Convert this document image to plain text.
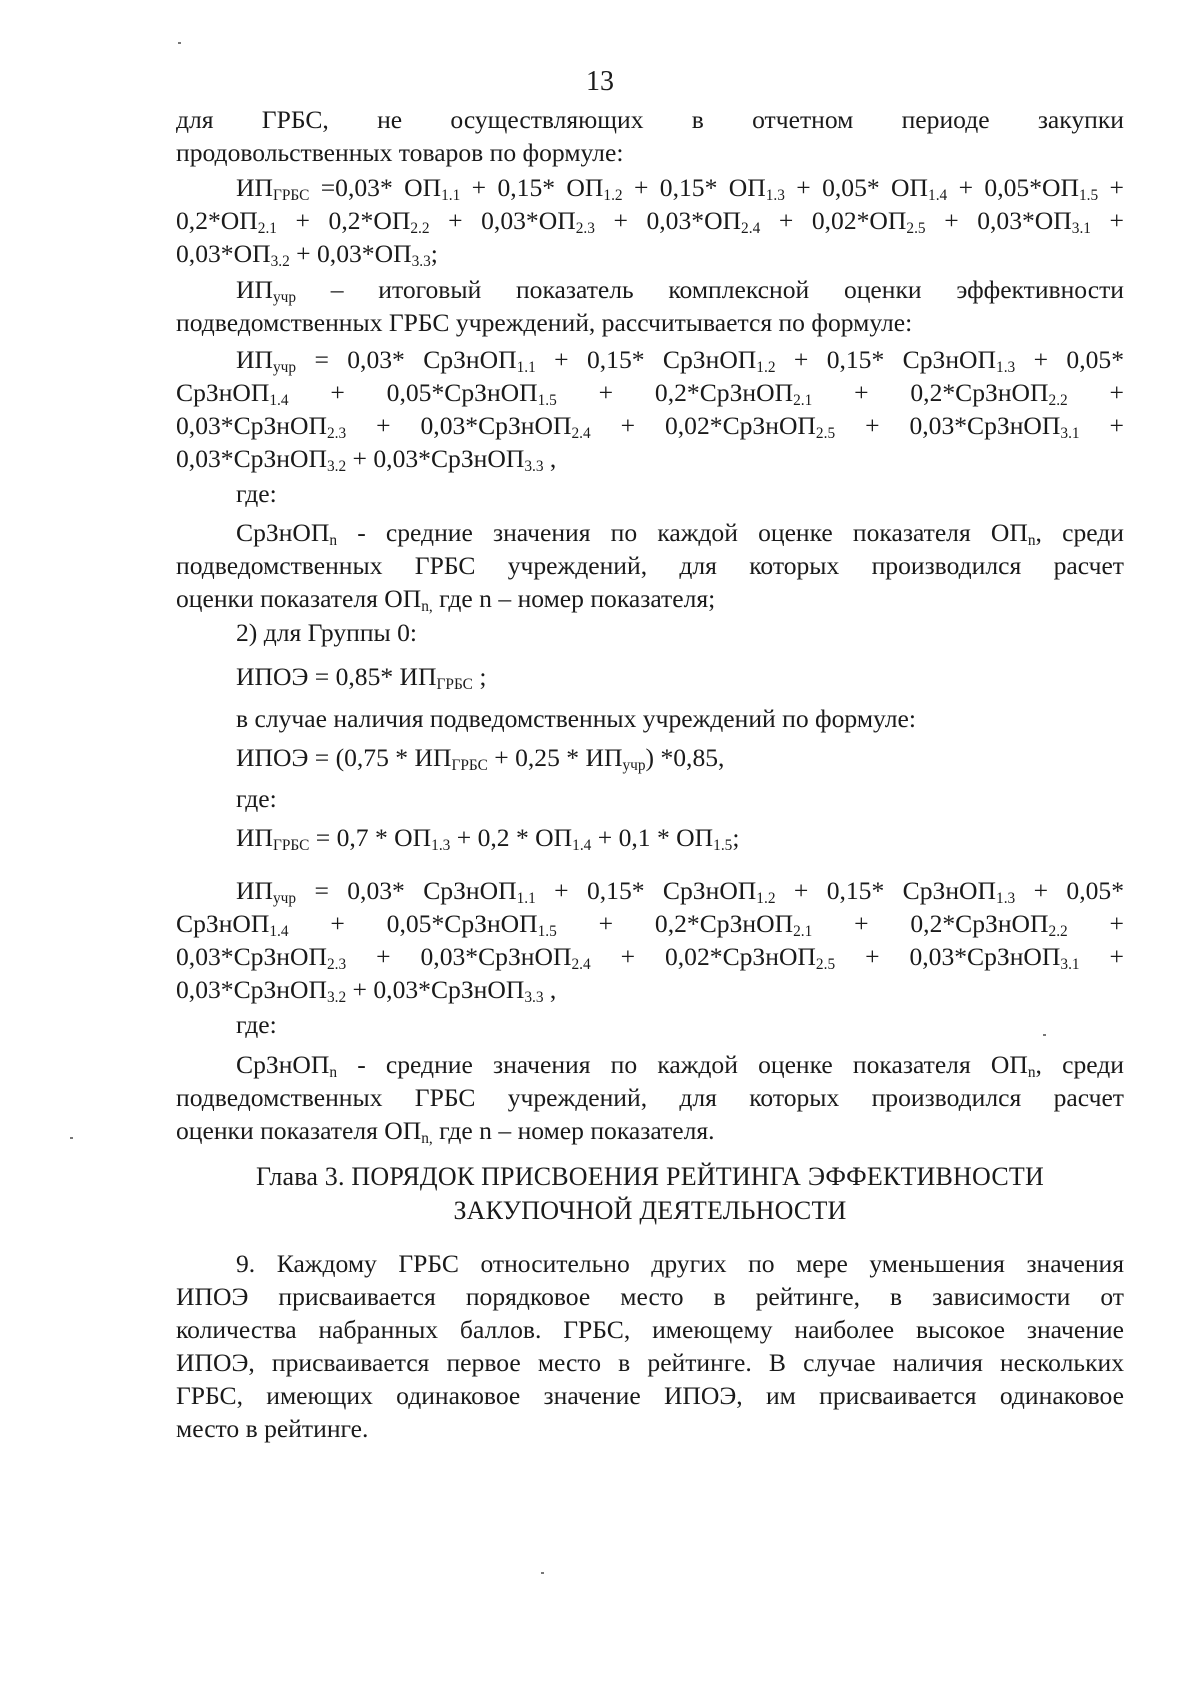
13
для ГРБС, не осуществляющих в отчетном периоде закупки
продовольственных товаров по формуле:
$ИП_{ГРБС} =0,03*$ $ОП_{1.1} + 0,15*$ $ОП_{1.2} + 0,15*$ $ОП_{1.3} + 0,05*$ $ОП_{1.4} + 0,05*ОП_{1.5}$ +
$0,2*ОП_{2.1} + 0,2*ОП_{2.2} + 0,03*ОП_{2.3} + 0,03*ОП_{2.4} + 0,02*ОП_{2.5} + 0,03*ОП_{3.1}$ +
$0,03*ОП_{3.2} + 0,03*ОП_{3.3}$;
$ИП_{учр}$ – итоговый показатель комплексной оценки эффективности
подведомственных ГРБС учреждений, рассчитывается по формуле:
$ИП_{учр} = 0,03*$ СрЗнОП$_{1.1}$ + 0,15* СрЗнОП$_{1.2}$ + 0,15* СрЗнОП$_{1.3}$ + 0,05*
СрЗнОП$_{1.4}$ + 0,05*СрЗнОП$_{1.5}$ + 0,2*СрЗнОП$_{2.1}$ + 0,2*СрЗнОП$_{2.2}$ +
0,03*СрЗнОП$_{2.3}$ + 0,03*СрЗнОП$_{2.4}$ + 0,02*СрЗнОП$_{2.5}$ + 0,03*СрЗнОП$_{3.1}$ +
0,03*СрЗнОП$_{3.2}$ + 0,03*СрЗнОП$_{3.3}$ ,
где:
СрЗнОП$_n$ - средние значения по каждой оценке показателя $ОП_n$, среди
подведомственных ГРБС учреждений, для которых производился расчет
оценки показателя $ОП_{n,}$ где n – номер показателя;
2) для Группы 0:
ИПОЭ = 0,85* $ИП_{ГРБС}$ ;
в случае наличия подведомственных учреждений по формуле:
ИПОЭ = $(0,75 * ИП_{ГРБС} + 0,25 * ИП_{учр})$ *0,85,
где:
$ИП_{ГРБС} = 0,7 * ОП_{1.3} + 0,2 * ОП_{1.4} + 0,1 * ОП_{1.5}$;
$ИП_{учр} = 0,03*$ СрЗнОП$_{1.1}$ + 0,15* СрЗнОП$_{1.2}$ + 0,15* СрЗнОП$_{1.3}$ + 0,05*
СрЗнОП$_{1.4}$ + 0,05*СрЗнОП$_{1.5}$ + 0,2*СрЗнОП$_{2.1}$ + 0,2*СрЗнОП$_{2.2}$ +
0,03*СрЗнОП$_{2.3}$ + 0,03*СрЗнОП$_{2.4}$ + 0,02*СрЗнОП$_{2.5}$ + 0,03*СрЗнОП$_{3.1}$ +
0,03*СрЗнОП$_{3.2}$ + 0,03*СрЗнОП$_{3.3}$ ,
где:
СрЗнОП$_n$ - средние значения по каждой оценке показателя $ОП_n$, среди
подведомственных ГРБС учреждений, для которых производился расчет
оценки показателя $ОП_{n,}$ где n – номер показателя.
Глава 3. ПОРЯДОК ПРИСВОЕНИЯ РЕЙТИНГА ЭФФЕКТИВНОСТИ
ЗАКУПОЧНОЙ ДЕЯТЕЛЬНОСТИ
9. Каждому ГРБС относительно других по мере уменьшения значения
ИПОЭ присваивается порядковое место в рейтинге, в зависимости от
количества набранных баллов. ГРБС, имеющему наиболее высокое значение
ИПОЭ, присваивается первое место в рейтинге. В случае наличия нескольких
ГРБС, имеющих одинаковое значение ИПОЭ, им присваивается одинаковое
место в рейтинге.
